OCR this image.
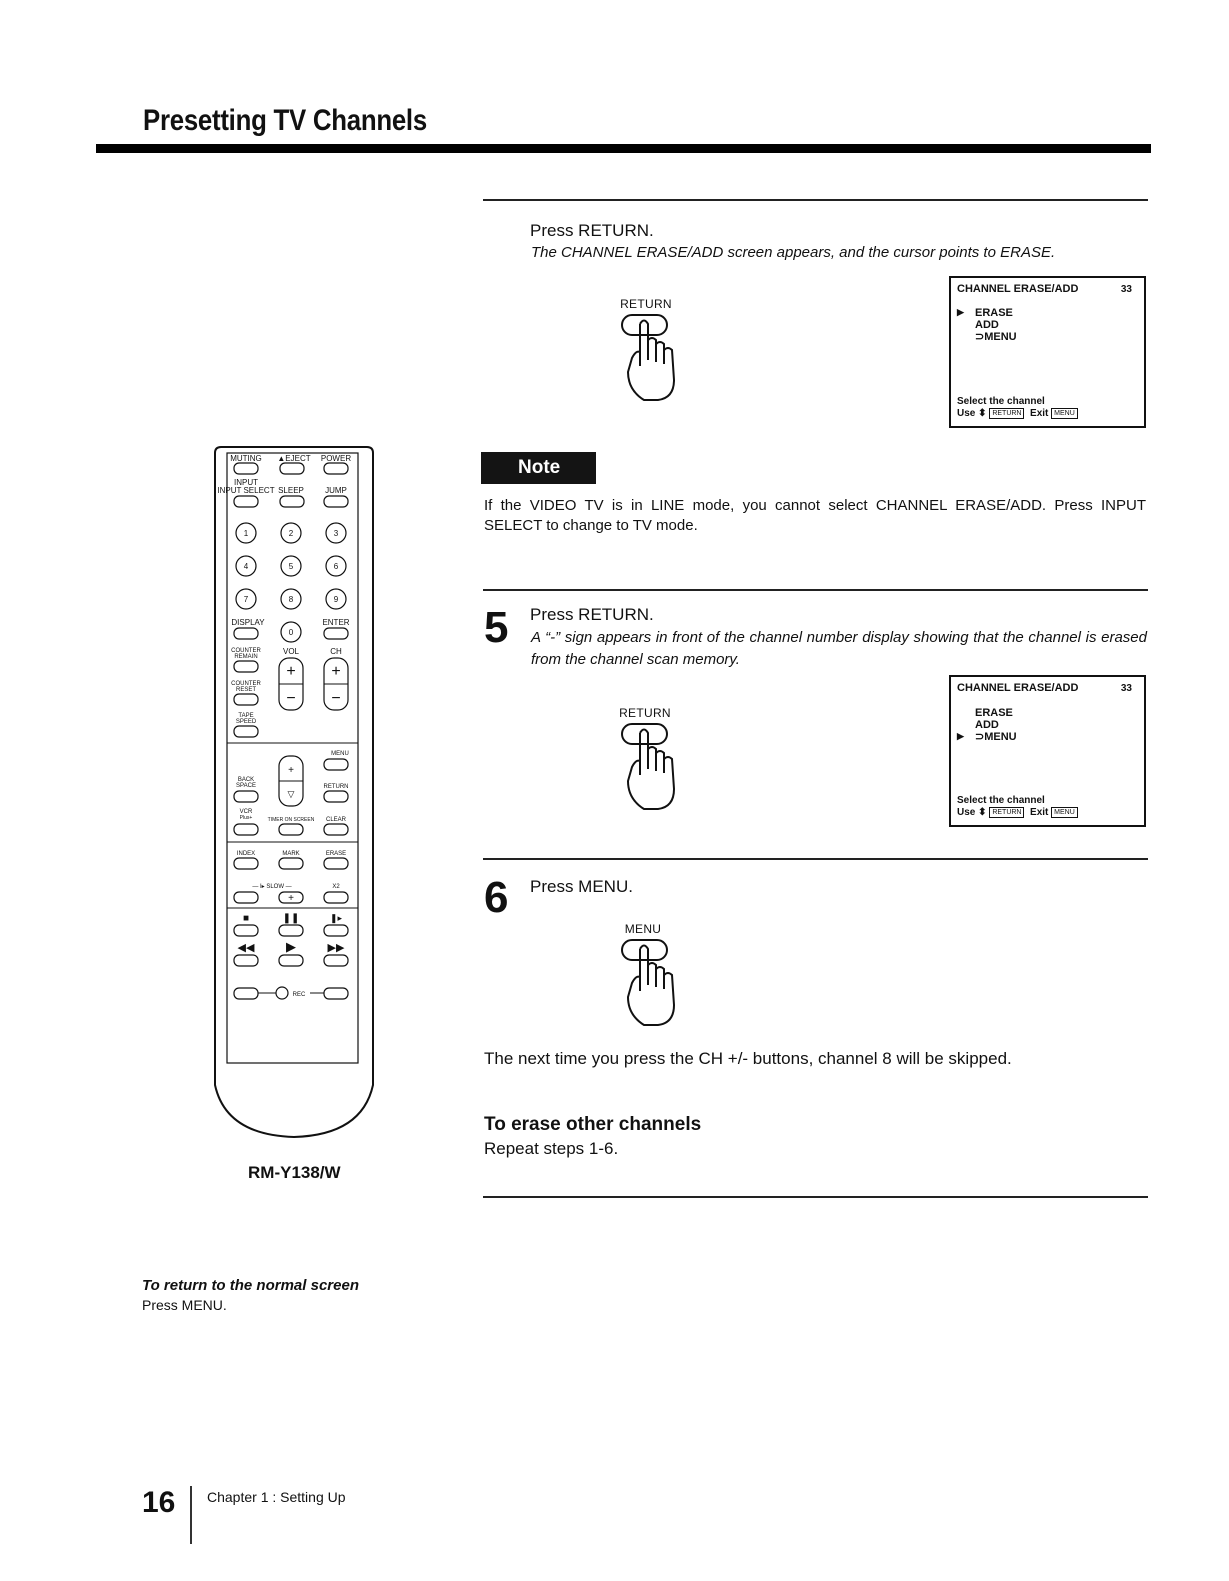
Presetting TV Channels
Press RETURN.
The CHANNEL ERASE/ADD screen appears, and the cursor points to ERASE.
RETURN
CHANNEL ERASE/ADD	33
▶ ERASE
ADD
⊃MENU
Select the channel
Use ⬍ RETURN Exit MENU
Note
If the VIDEO TV is in LINE mode, you cannot select CHANNEL ERASE/ADD. Press INPUT SELECT to change to TV mode.
5 Press RETURN.
A “-” sign appears in front of the channel number display showing that the channel is erased from the channel scan memory.
RETURN
CHANNEL ERASE/ADD	33
ERASE
ADD
▶ ⊃MENU
Select the channel
Use ⬍ RETURN Exit MENU
6 Press MENU.
MENU
The next time you press the CH +/- buttons, channel 8 will be skipped.
To erase other channels
Repeat steps 1-6.
MUTING ▲EJECT POWER
INPUT
INPUT SELECT SLEEP	JUMP
1	2	3
4	5	6
7	8	9
DISPLAY	ENTER
0
COUNTER
REMAIN
VOL	CH
+
−
+
−
COUNTER
RESET
TAPE
SPEED
MENU
+
▽
BACK
SPACE	RETURN
VCR
Plus+	TIMER ON SCREEN CLEAR
INDEX	MARK	ERASE
— I▸ SLOW —	X2
+
■	❚❚	❚▸
◀◀ ▶	▶▶
REC
RM-Y138/W
To return to the normal screen
Press MENU.
16 Chapter 1 : Setting Up
